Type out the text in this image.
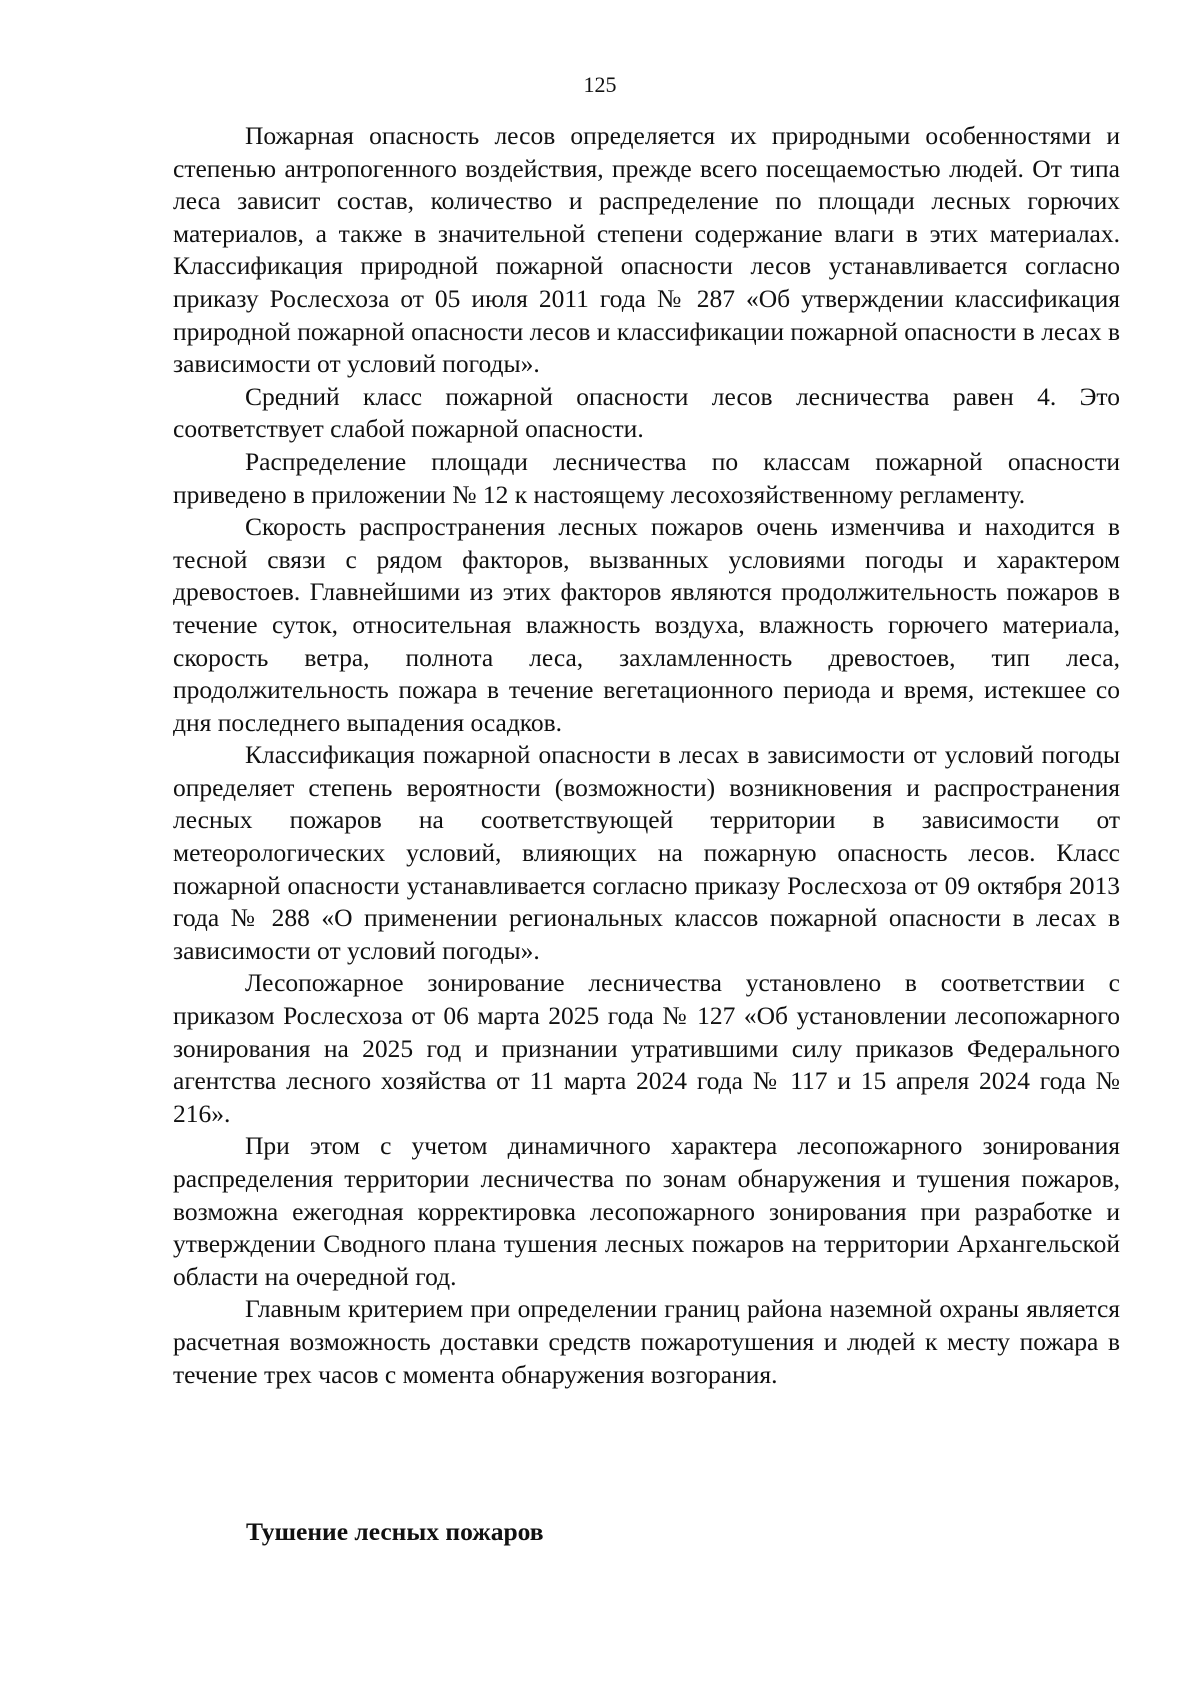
125

Пожарная опасность лесов определяется их природными особенностями и степенью антропогенного воздействия, прежде всего посещаемостью людей. От типа леса зависит состав, количество и распределение по площади лесных горючих материалов, а также в значительной степени содержание влаги в этих материалах. Классификация природной пожарной опасности лесов устанавливается согласно приказу Рослесхоза от 05 июля 2011 года № 287 «Об утверждении классификация природной пожарной опасности лесов и классификации пожарной опасности в лесах в зависимости от условий погоды».

Средний класс пожарной опасности лесов лесничества равен 4. Это соответствует слабой пожарной опасности.

Распределение площади лесничества по классам пожарной опасности приведено в приложении № 12 к настоящему лесохозяйственному регламенту.

Скорость распространения лесных пожаров очень изменчива и находится в тесной связи с рядом факторов, вызванных условиями погоды и характером древостоев. Главнейшими из этих факторов являются продолжительность пожаров в течение суток, относительная влажность воздуха, влажность горючего материала, скорость ветра, полнота леса, захламленность древостоев, тип леса, продолжительность пожара в течение вегетационного периода и время, истекшее со дня последнего выпадения осадков.

Классификация пожарной опасности в лесах в зависимости от условий погоды определяет степень вероятности (возможности) возникновения и распространения лесных пожаров на соответствующей территории в зависимости от метеорологических условий, влияющих на пожарную опасность лесов. Класс пожарной опасности устанавливается согласно приказу Рослесхоза от 09 октября 2013 года № 288 «О применении региональных классов пожарной опасности в лесах в зависимости от условий погоды».

Лесопожарное зонирование лесничества установлено в соответствии с приказом Рослесхоза от 06 марта 2025 года № 127 «Об установлении лесопожарного зонирования на 2025 год и признании утратившими силу приказов Федерального агентства лесного хозяйства от 11 марта 2024 года № 117 и 15 апреля 2024 года № 216».

При этом с учетом динамичного характера лесопожарного зонирования распределения территории лесничества по зонам обнаружения и тушения пожаров, возможна ежегодная корректировка лесопожарного зонирования при разработке и утверждении Сводного плана тушения лесных пожаров на территории Архангельской области на очередной год.

Главным критерием при определении границ района наземной охраны является расчетная возможность доставки средств пожаротушения и людей к месту пожара в течение трех часов с момента обнаружения возгорания.

Тушение лесных пожаров
